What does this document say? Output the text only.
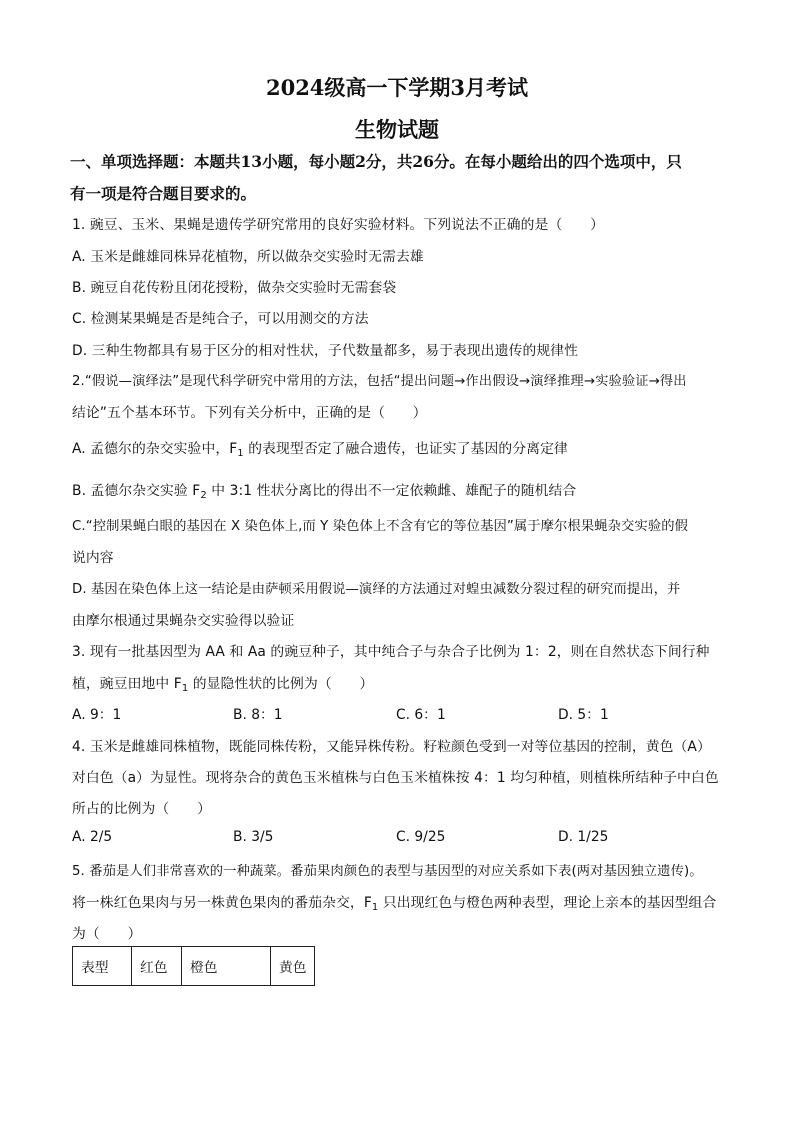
2024级高一下学期3月考试
生物试题
一、单项选择题：本题共13小题，每小题2分，共26分。在每小题给出的四个选项中，只
有一项是符合题目要求的。
1. 豌豆、玉米、果蝇是遗传学研究常用的良好实验材料。下列说法不正确的是（　　）
A. 玉米是雌雄同株异花植物，所以做杂交实验时无需去雄
B. 豌豆自花传粉且闭花授粉，做杂交实验时无需套袋
C. 检测某果蝇是否是纯合子，可以用测交的方法
D. 三种生物都具有易于区分的相对性状，子代数量都多，易于表现出遗传的规律性
2.“假说—演绎法”是现代科学研究中常用的方法，包括“提出问题→作出假设→演绎推理→实验验证→得出
结论”五个基本环节。下列有关分析中，正确的是（　　）
A. 孟德尔的杂交实验中，$F_1$ 的表现型否定了融合遗传，也证实了基因的分离定律
B. 孟德尔杂交实验 $F_2$ 中 3:1 性状分离比的得出不一定依赖雌、雄配子的随机结合
C.“控制果蝇白眼的基因在 X 染色体上,而 Y 染色体上不含有它的等位基因”属于摩尔根果蝇杂交实验的假
说内容
D. 基因在染色体上这一结论是由萨顿采用假说—演绎的方法通过对蝗虫减数分裂过程的研究而提出，并
由摩尔根通过果蝇杂交实验得以验证
3. 现有一批基因型为 AA 和 Aa 的豌豆种子，其中纯合子与杂合子比例为 1：2，则在自然状态下间行种
植，豌豆田地中 $F_1$ 的显隐性状的比例为（　　）
A. 9：1	B. 8：1	C. 6：1	D. 5：1
4. 玉米是雌雄同株植物，既能同株传粉，又能异株传粉。籽粒颜色受到一对等位基因的控制，黄色（A）
对白色（a）为显性。现将杂合的黄色玉米植株与白色玉米植株按 4：1 均匀种植，则植株所结种子中白色
所占的比例为（　　）
A. 2/5	B. 3/5	C. 9/25	D. 1/25
5. 番茄是人们非常喜欢的一种蔬菜。番茄果肉颜色的表型与基因型的对应关系如下表(两对基因独立遗传)。
将一株红色果肉与另一株黄色果肉的番茄杂交，$F_1$ 只出现红色与橙色两种表型，理论上亲本的基因型组合
为（　　）
表型	红色	橙色	黄色
